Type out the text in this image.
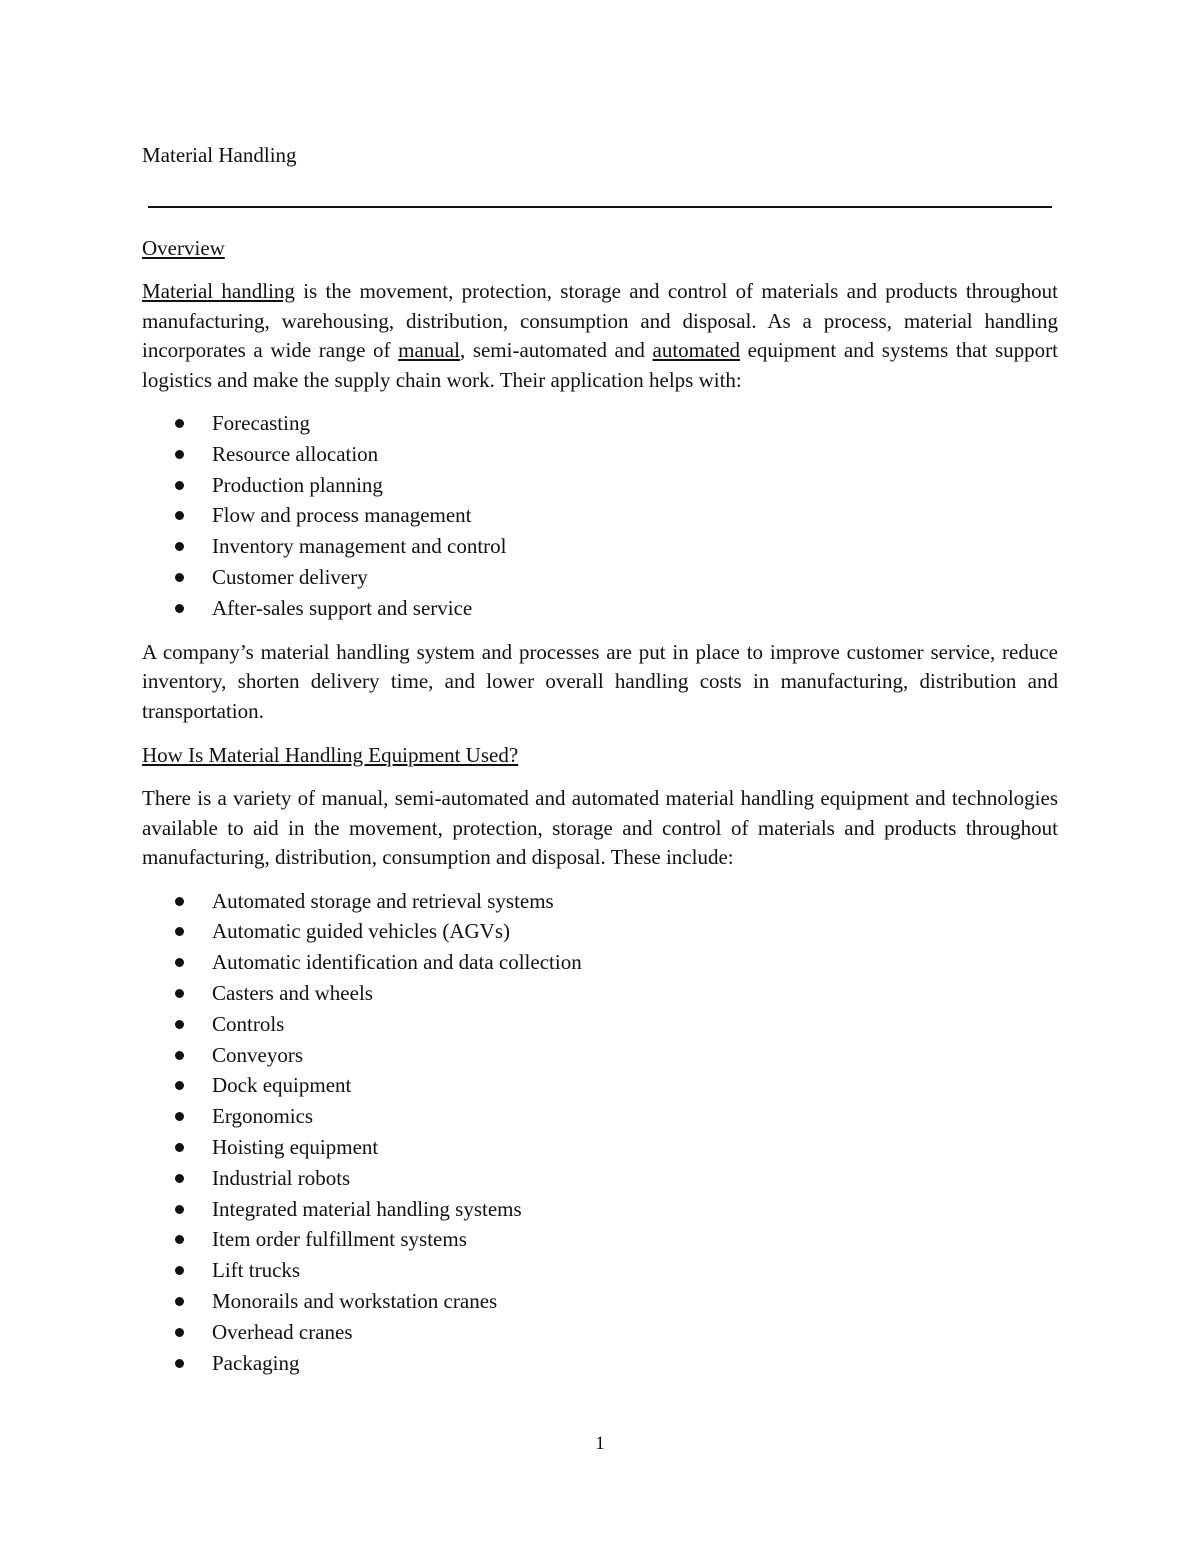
Material Handling
Overview

Material handling is the movement, protection, storage and control of materials and products throughout manufacturing, warehousing, distribution, consumption and disposal. As a process, material handling incorporates a wide range of manual, semi-automated and automated equipment and systems that support logistics and make the supply chain work. Their application helps with:

Forecasting
Resource allocation
Production planning
Flow and process management
Inventory management and control
Customer delivery
After-sales support and service

A company’s material handling system and processes are put in place to improve customer service, reduce inventory, shorten delivery time, and lower overall handling costs in manufacturing, distribution and transportation.

How Is Material Handling Equipment Used?

There is a variety of manual, semi-automated and automated material handling equipment and technologies available to aid in the movement, protection, storage and control of materials and products throughout manufacturing, distribution, consumption and disposal. These include:

Automated storage and retrieval systems
Automatic guided vehicles (AGVs)
Automatic identification and data collection
Casters and wheels
Controls
Conveyors
Dock equipment
Ergonomics
Hoisting equipment
Industrial robots
Integrated material handling systems
Item order fulfillment systems
Lift trucks
Monorails and workstation cranes
Overhead cranes
Packaging
1
